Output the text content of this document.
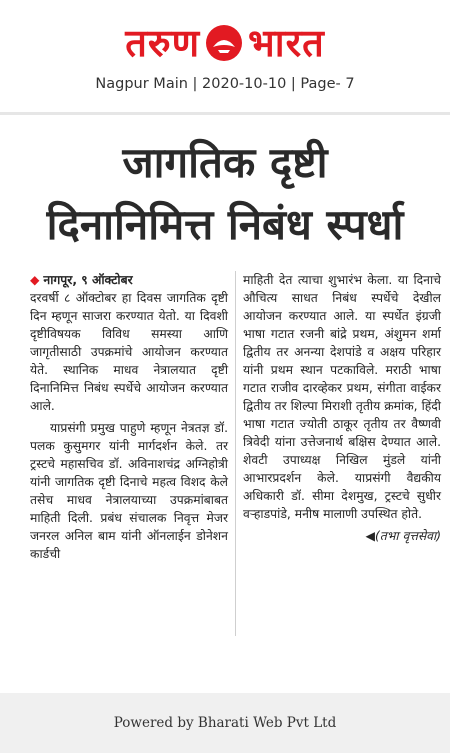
तरुण भारत
Nagpur Main | 2020-10-10 | Page- 7
जागतिक दृष्टी
दिनानिमित्त निबंध स्पर्धा

◆ नागपूर, ९ ऑक्टोबर
दरवर्षी ८ ऑक्टोबर हा दिवस जागतिक दृष्टी दिन म्हणून साजरा करण्यात येतो. या दिवशी दृष्टीविषयक विविध समस्या आणि जागृतीसाठी उपक्रमांचे आयोजन करण्यात येते. स्थानिक माधव नेत्रालयात दृष्टी दिनानिमित्त निबंध स्पर्धेचे आयोजन करण्यात आले.

याप्रसंगी प्रमुख पाहुणे म्हणून नेत्रतज्ञ डॉ. पलक कुसुमगर यांनी मार्गदर्शन केले. तर ट्रस्टचे महासचिव डॉ. अविनाशचंद्र अग्निहोत्री यांनी जागतिक दृष्टी दिनाचे महत्व विशद केले तसेच माधव नेत्रालयाच्या उपक्रमांबाबत माहिती दिली. प्रबंध संचालक निवृत्त मेजर जनरल अनिल बाम यांनी ऑनलाईन डोनेशन कार्डची

माहिती देत त्याचा शुभारंभ केला. या दिनाचे औचित्य साधत निबंध स्पर्धेचे देखील आयोजन करण्यात आले. या स्पर्धेत इंग्रजी भाषा गटात रजनी बांद्रे प्रथम, अंशुमन शर्मा द्वितीय तर अनन्या देशपांडे व अक्षय परिहार यांनी प्रथम स्थान पटकाविले. मराठी भाषा गटात राजीव दारव्हेकर प्रथम, संगीता वाईकर द्वितीय तर शिल्पा मिराशी तृतीय क्रमांक, हिंदी भाषा गटात ज्योती ठाकूर तृतीय तर वैष्णवी त्रिवेदी यांना उत्तेजनार्थ बक्षिस देण्यात आले. शेवटी उपाध्यक्ष निखिल मुंडले यांनी आभारप्रदर्शन केले. याप्रसंगी वैद्यकीय अधिकारी डॉ. सीमा देशमुख, ट्रस्टचे सुधीर वऱ्हाडपांडे, मनीष मालाणी उपस्थित होते.

◀(तभा वृत्तसेवा)
Powered by Bharati Web Pvt Ltd
